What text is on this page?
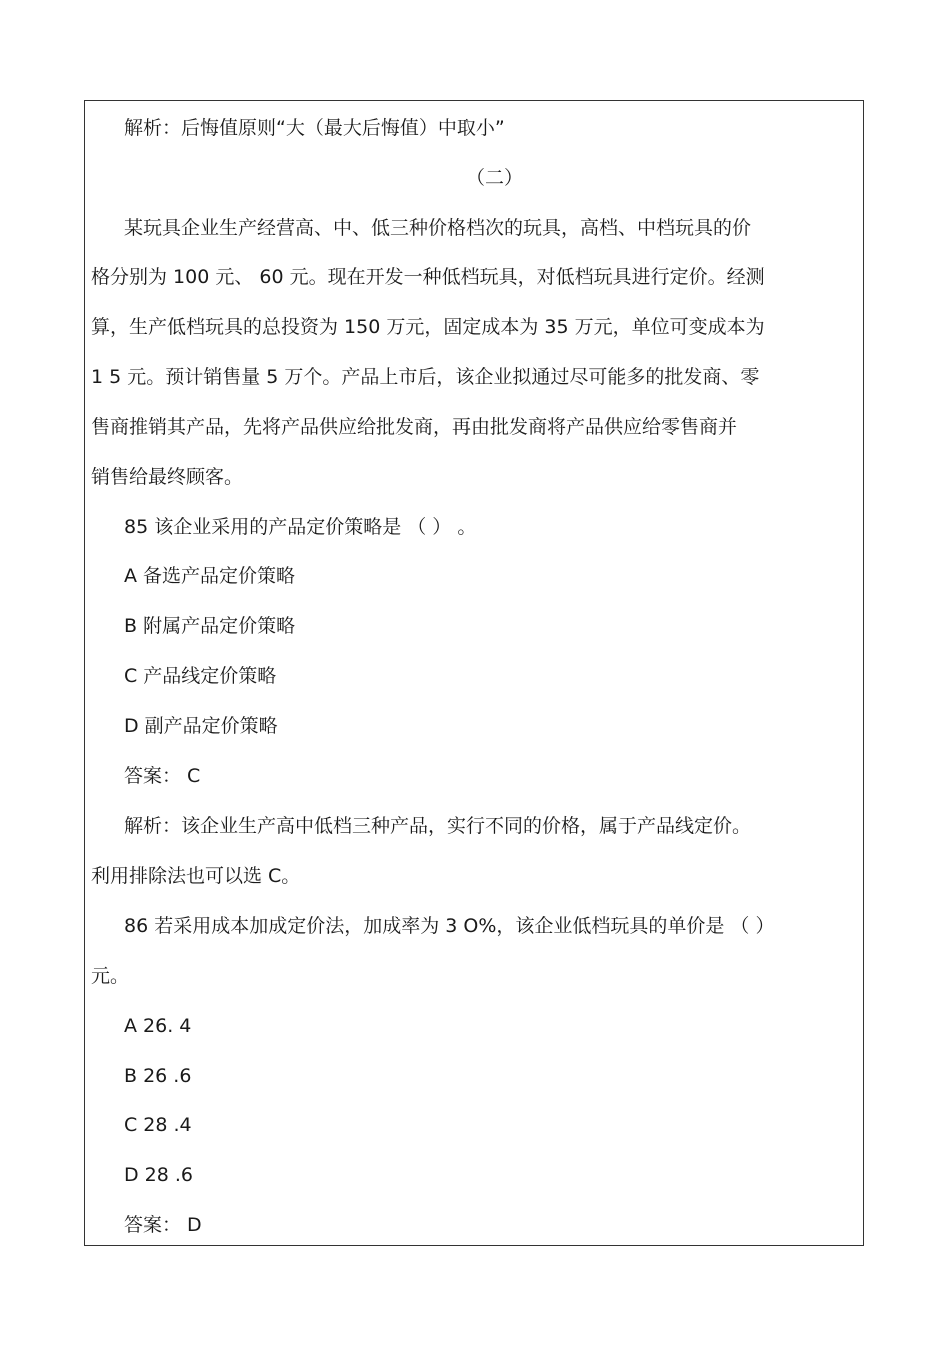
解析：后悔值原则“大（最大后悔值）中取小”

（二）

某玩具企业生产经营高、中、低三种价格档次的玩具，高档、中档玩具的价

格分别为 100 元、 60 元。现在开发一种低档玩具，对低档玩具进行定价。经测

算，生产低档玩具的总投资为 150 万元，固定成本为 35 万元，单位可变成本为

1 5 元。预计销售量 5 万个。产品上市后，该企业拟通过尽可能多的批发商、零

售商推销其产品，先将产品供应给批发商，再由批发商将产品供应给零售商并

销售给最终顾客。

85 该企业采用的产品定价策略是 （ ） 。

A 备选产品定价策略

B 附属产品定价策略

C 产品线定价策略

D 副产品定价策略

答案： C

解析：该企业生产高中低档三种产品，实行不同的价格，属于产品线定价。

利用排除法也可以选 C。

86 若采用成本加成定价法，加成率为 3 O%，该企业低档玩具的单价是 （ ）

元。

A 26. 4

B 26 .6

C 28 .4

D 28 .6

答案： D
